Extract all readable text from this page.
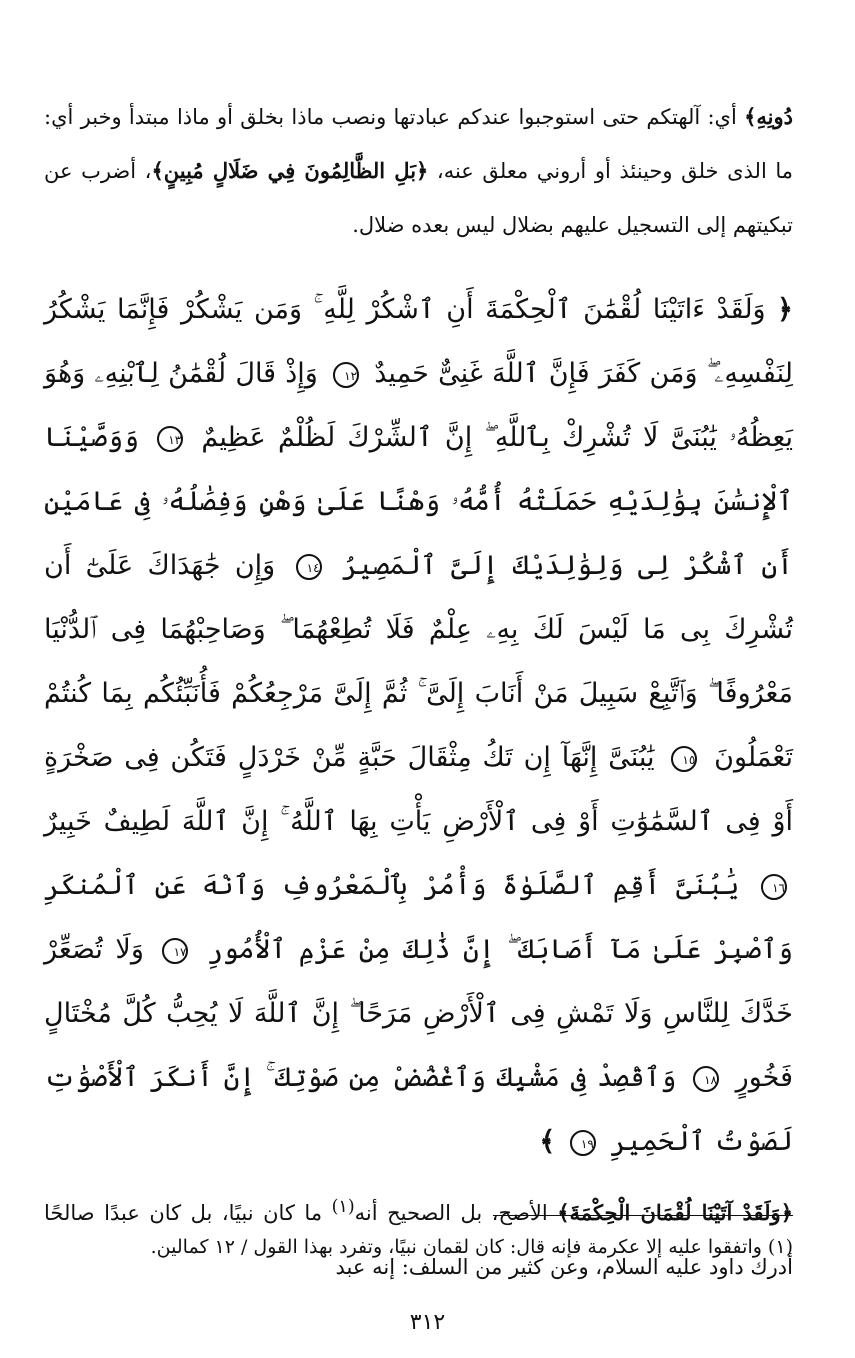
دُونِهِ﴾ أي: آلهتكم حتى استوجبوا عندكم عبادتها ونصب ماذا بخلق أو ماذا مبتدأ وخبر أي: ما الذى خلق وحينئذ أو أروني معلق عنه، ﴿بَلِ الظَّالِمُونَ فِي ضَلَالٍ مُبِينٍ﴾، أضرب عن تبكيتهم إلى التسجيل عليهم بضلال ليس بعده ضلال.

﴿ وَلَقَدْ ءَاتَيْنَا لُقْمَٰنَ ٱلْحِكْمَةَ أَنِ ٱشْكُرْ لِلَّهِ ۚ وَمَن يَشْكُرْ فَإِنَّمَا يَشْكُرُ لِنَفْسِهِۦ ۖ وَمَن كَفَرَ فَإِنَّ ٱللَّهَ غَنِىٌّ حَمِيدٌ ١٢ وَإِذْ قَالَ لُقْمَٰنُ لِٱبْنِهِۦ وَهُوَ يَعِظُهُۥ يَٰبُنَىَّ لَا تُشْرِكْ بِٱللَّهِ ۖ إِنَّ ٱلشِّرْكَ لَظُلْمٌ عَظِيمٌ ١٣ وَوَصَّيْنَا ٱلْإِنسَٰنَ بِوَٰلِدَيْهِ حَمَلَتْهُ أُمُّهُۥ وَهْنًا عَلَىٰ وَهْنٍ وَفِصَٰلُهُۥ فِى عَامَيْنِ أَنِ ٱشْكُرْ لِى وَلِوَٰلِدَيْكَ إِلَىَّ ٱلْمَصِيرُ ١٤ وَإِن جَٰهَدَاكَ عَلَىٰٓ أَن تُشْرِكَ بِى مَا لَيْسَ لَكَ بِهِۦ عِلْمٌ فَلَا تُطِعْهُمَا ۖ وَصَاحِبْهُمَا فِى ٱلدُّنْيَا مَعْرُوفًا ۖ وَٱتَّبِعْ سَبِيلَ مَنْ أَنَابَ إِلَىَّ ۚ ثُمَّ إِلَىَّ مَرْجِعُكُمْ فَأُنَبِّئُكُم بِمَا كُنتُمْ تَعْمَلُونَ ١٥ يَٰبُنَىَّ إِنَّهَآ إِن تَكُ مِثْقَالَ حَبَّةٍ مِّنْ خَرْدَلٍ فَتَكُن فِى صَخْرَةٍ أَوْ فِى ٱلسَّمَٰوَٰتِ أَوْ فِى ٱلْأَرْضِ يَأْتِ بِهَا ٱللَّهُ ۚ إِنَّ ٱللَّهَ لَطِيفٌ خَبِيرٌ ١٦ يَٰبُنَىَّ أَقِمِ ٱلصَّلَوٰةَ وَأْمُرْ بِٱلْمَعْرُوفِ وَٱنْهَ عَنِ ٱلْمُنكَرِ وَٱصْبِرْ عَلَىٰ مَآ أَصَابَكَ ۖ إِنَّ ذَٰلِكَ مِنْ عَزْمِ ٱلْأُمُورِ ١٧ وَلَا تُصَعِّرْ خَدَّكَ لِلنَّاسِ وَلَا تَمْشِ فِى ٱلْأَرْضِ مَرَحًا ۖ إِنَّ ٱللَّهَ لَا يُحِبُّ كُلَّ مُخْتَالٍ فَخُورٍ ١٨ وَٱقْصِدْ فِى مَشْيِكَ وَٱغْضُضْ مِن صَوْتِكَ ۚ إِنَّ أَنكَرَ ٱلْأَصْوَٰتِ لَصَوْتُ ٱلْحَمِيرِ ١٩ ﴾

﴿وَلَقَدْ آتَيْنَا لُقْمَانَ الْحِكْمَةَ﴾ الأصح، بل الصحيح أنه$^{(١)}$ ما كان نبيًا، بل كان عبدًا صالحًا أدرك داود عليه السلام، وعن كثير من السلف: إنه عبد

(١) واتفقوا عليه إلا عكرمة فإنه قال: كان لقمان نبيًا، وتفرد بهذا القول / ١٢ كمالين.
٣١٢
